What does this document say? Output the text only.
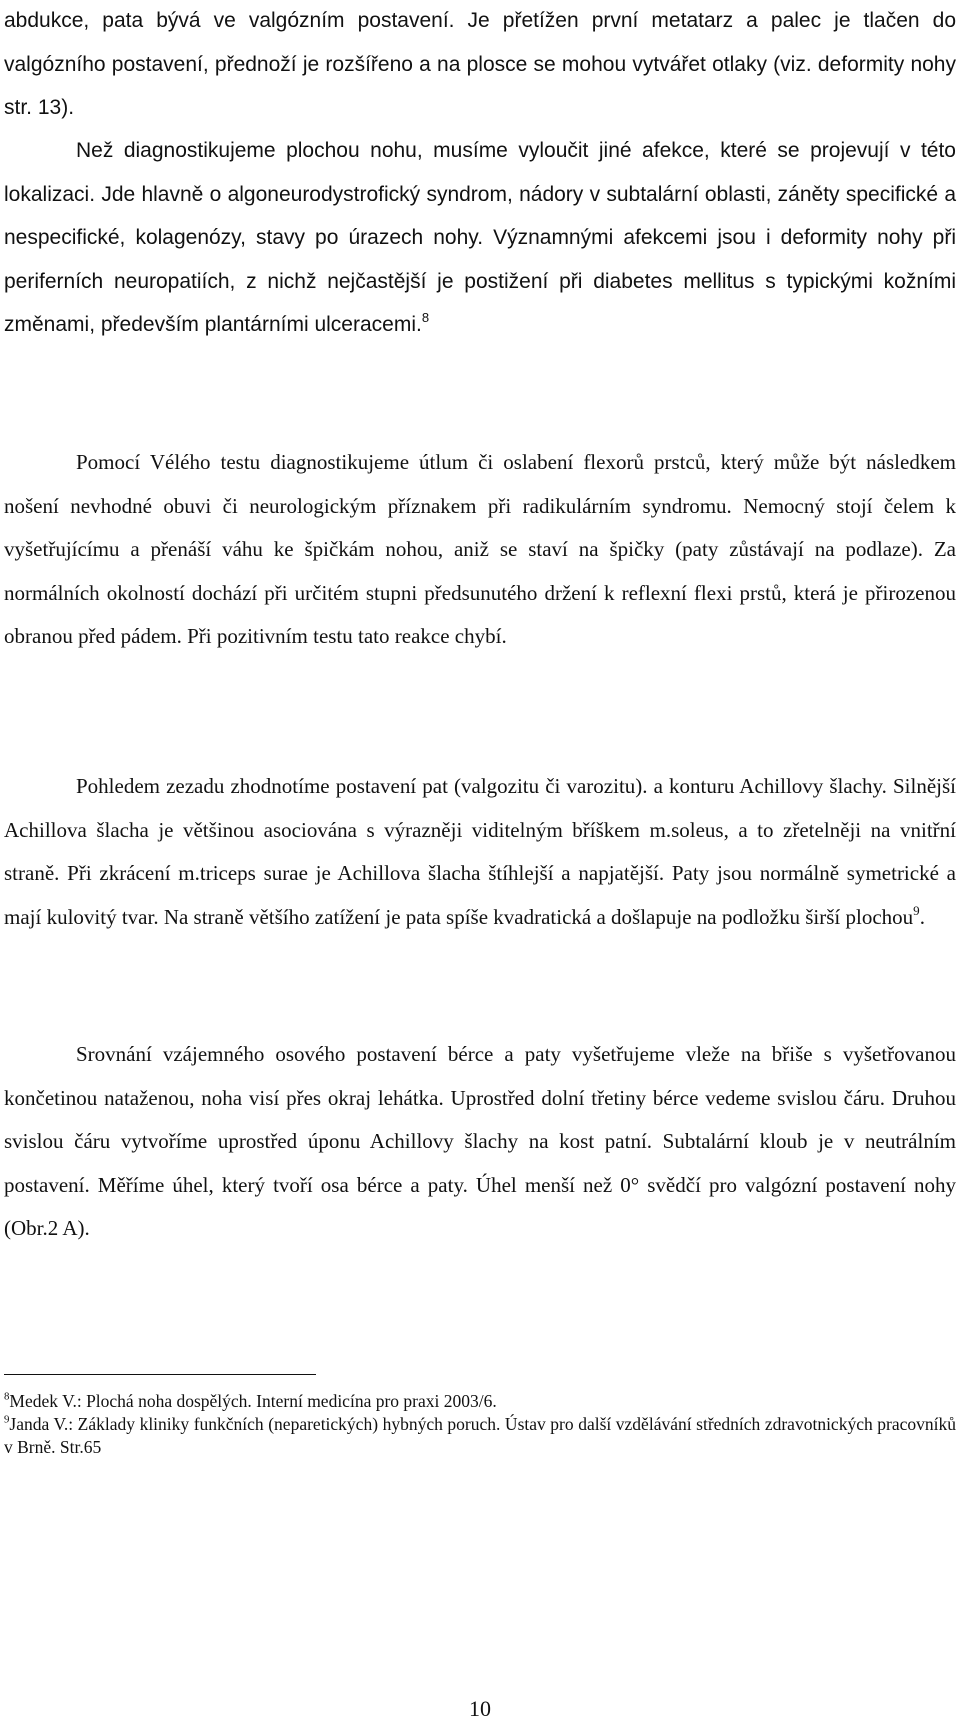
abdukce, pata bývá ve valgózním postavení. Je přetížen první metatarz a palec je tlačen do valgózního postavení, přednoží je rozšířeno a na plosce se mohou vytvářet otlaky (viz. deformity nohy str. 13).

Než diagnostikujeme plochou nohu, musíme vyloučit jiné afekce, které se projevují v této lokalizaci. Jde hlavně o algoneurodystrofický syndrom, nádory v subtalární oblasti, záněty specifické a nespecifické, kolagenózy, stavy po úrazech nohy. Významnými afekcemi jsou i deformity nohy při periferních neuropatiích, z nichž nejčastější je postižení při diabetes mellitus s typickými kožními změnami, především plantárními ulceracemi.$^8$

Pomocí Vélého testu diagnostikujeme útlum či oslabení flexorů prstců, který může být následkem nošení nevhodné obuvi či neurologickým příznakem při radikulárním syndromu. Nemocný stojí čelem k vyšetřujícímu a přenáší váhu ke špičkám nohou, aniž se staví na špičky (paty zůstávají na podlaze). Za normálních okolností dochází při určitém stupni předsunutého držení k reflexní flexi prstů, která je přirozenou obranou před pádem. Při pozitivním testu tato reakce chybí.

Pohledem zezadu zhodnotíme postavení pat (valgozitu či varozitu). a konturu Achillovy šlachy. Silnější Achillova šlacha je většinou asociována s výrazněji viditelným bříškem m.soleus, a to zřetelněji na vnitřní straně. Při zkrácení m.triceps surae je Achillova šlacha štíhlejší a napjatější. Paty jsou normálně symetrické a mají kulovitý tvar. Na straně většího zatížení je pata spíše kvadratická a došlapuje na podložku širší plochou$^9$.

Srovnání vzájemného osového postavení bérce a paty vyšetřujeme vleže na břiše s vyšetřovanou končetinou nataženou, noha visí přes okraj lehátka. Uprostřed dolní třetiny bérce vedeme svislou čáru. Druhou svislou čáru vytvoříme uprostřed úponu Achillovy šlachy na kost patní. Subtalární kloub je v neutrálním postavení. Měříme úhel, který tvoří osa bérce a paty. Úhel menší než 0° svědčí pro valgózní postavení nohy (Obr.2 A).

$^8$Medek V.: Plochá noha dospělých. Interní medicína pro praxi 2003/6.

$^9$Janda V.: Základy kliniky funkčních (neparetických) hybných poruch. Ústav pro další vzdělávání středních zdravotnických pracovníků v Brně. Str.65

10
